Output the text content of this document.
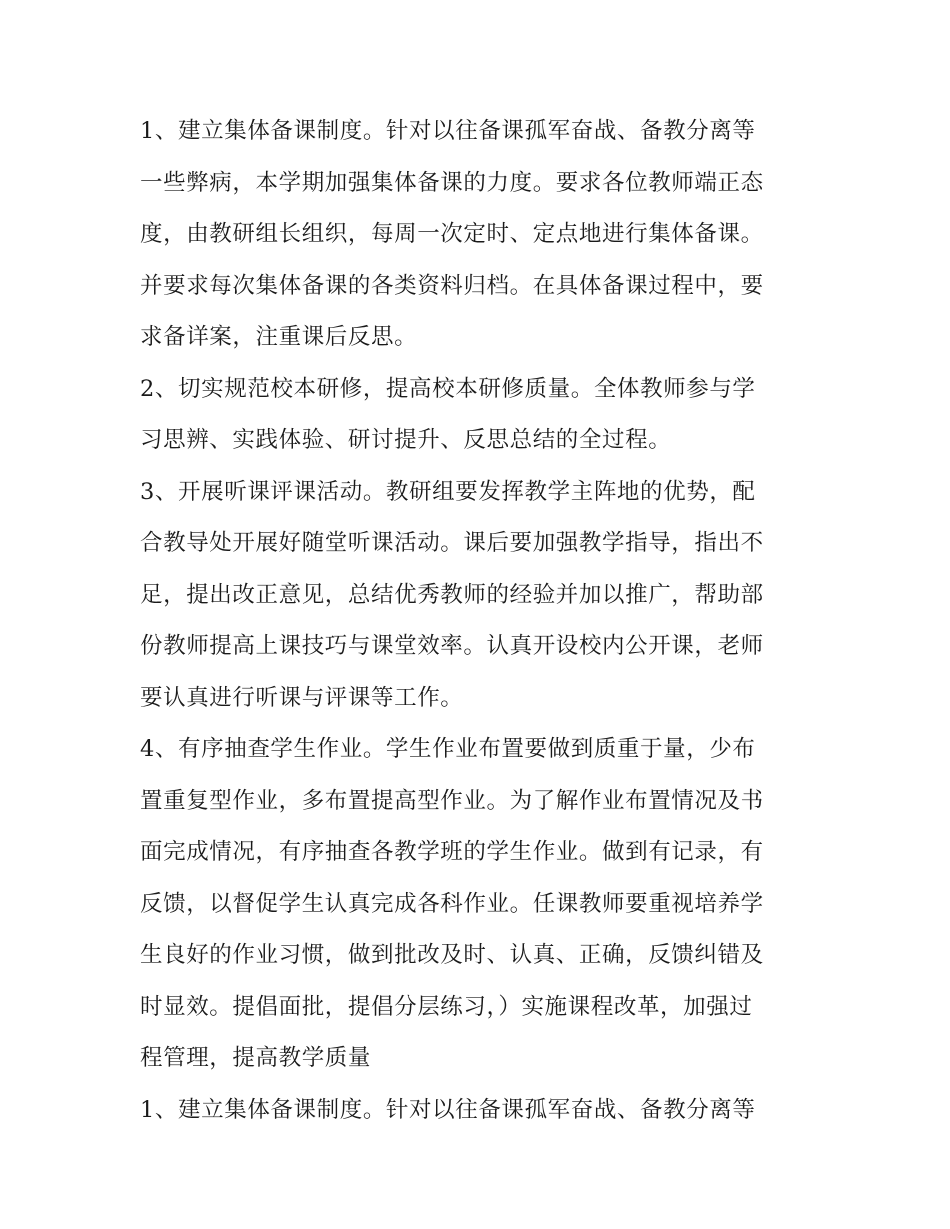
1、建立集体备课制度。针对以往备课孤军奋战、备教分离等
一些弊病，本学期加强集体备课的力度。要求各位教师端正态
度，由教研组长组织，每周一次定时、定点地进行集体备课。
并要求每次集体备课的各类资料归档。在具体备课过程中，要
求备详案，注重课后反思。
2、切实规范校本研修，提高校本研修质量。全体教师参与学
习思辨、实践体验、研讨提升、反思总结的全过程。
3、开展听课评课活动。教研组要发挥教学主阵地的优势，配
合教导处开展好随堂听课活动。课后要加强教学指导，指出不
足，提出改正意见，总结优秀教师的经验并加以推广，帮助部
份教师提高上课技巧与课堂效率。认真开设校内公开课，老师
要认真进行听课与评课等工作。
4、有序抽查学生作业。学生作业布置要做到质重于量，少布
置重复型作业，多布置提高型作业。为了解作业布置情况及书
面完成情况，有序抽查各教学班的学生作业。做到有记录，有
反馈，以督促学生认真完成各科作业。任课教师要重视培养学
生良好的作业习惯，做到批改及时、认真、正确，反馈纠错及
时显效。提倡面批，提倡分层练习，）实施课程改革，加强过
程管理，提高教学质量
1、建立集体备课制度。针对以往备课孤军奋战、备教分离等
